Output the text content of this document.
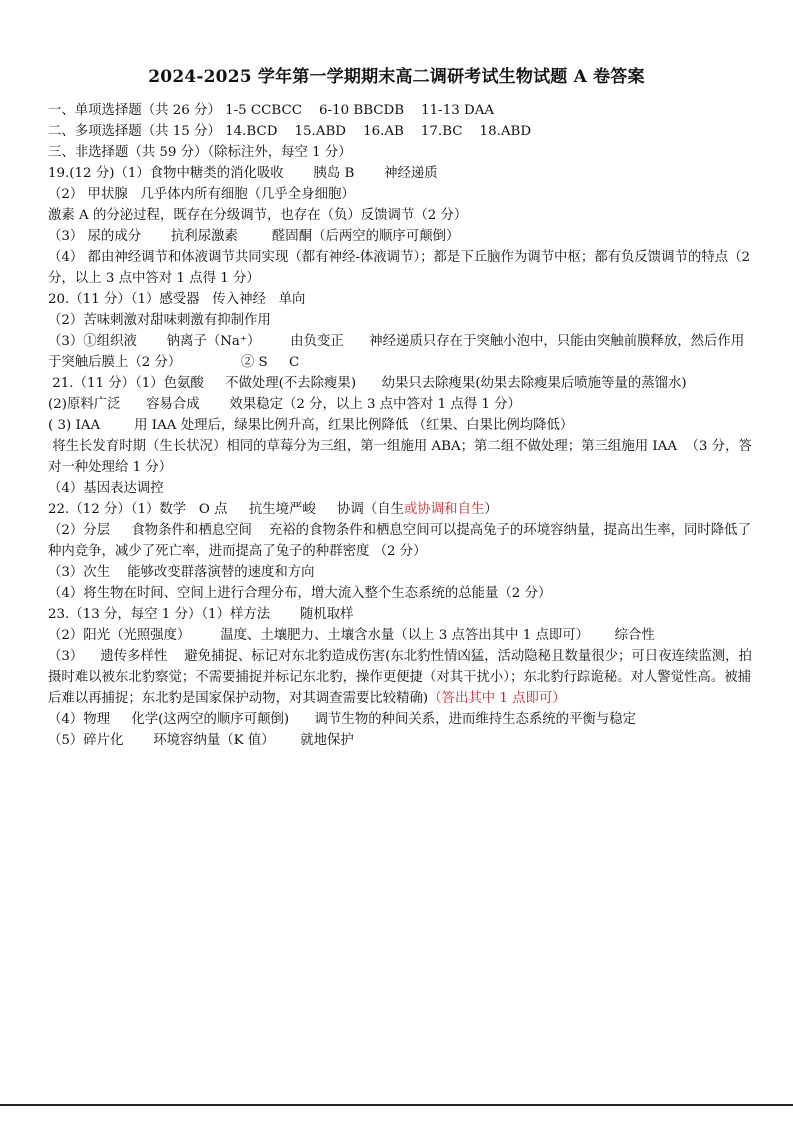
2024-2025 学年第一学期期末高二调研考试生物试题 A 卷答案
一、单项选择题（共 26 分） 1-5 CCBCC    6-10 BBCDB    11-13 DAA
二、多项选择题（共 15 分） 14.BCD    15.ABD    16.AB    17.BC    18.ABD
三、非选择题（共 59 分）（除标注外，每空 1 分）
19.(12 分)（1）食物中糖类的消化吸收       胰岛 B       神经递质
（2） 甲状腺   几乎体内所有细胞（几乎全身细胞）
激素 A 的分泌过程，既存在分级调节，也存在（负）反馈调节（2 分）
（3） 尿的成分       抗利尿激素        醛固酮（后两空的顺序可颠倒）
（4） 都由神经调节和体液调节共同实现（都有神经-体液调节）；都是下丘脑作为调节中枢；都有负反馈调节的特点（2 分，以上 3 点中答对 1 点得 1 分）
20.（11 分）（1）感受器   传入神经   单向
（2）苦味刺激对甜味刺激有抑制作用
（3）①组织液       钠离子（Na⁺）       由负变正      神经递质只存在于突触小泡中，只能由突触前膜释放，然后作用于突触后膜上（2 分）              ② S     C
21.（11 分）（1）色氨酸     不做处理(不去除瘦果)      幼果只去除瘦果(幼果去除瘦果后喷施等量的蒸馏水)
(2)原料广泛      容易合成       效果稳定（2 分，以上 3 点中答对 1 点得 1 分）
( 3) IAA        用 IAA 处理后，绿果比例升高，红果比例降低 （红果、白果比例均降低）
将生长发育时期（生长状况）相同的草莓分为三组，第一组施用 ABA；第二组不做处理；第三组施用 IAA  （3 分，答对一种处理给 1 分）
（4）基因表达调控
22.（12 分）（1）数学   O 点     抗生境严峻     协调（自生或协调和自生）
（2）分层     食物条件和栖息空间    充裕的食物条件和栖息空间可以提高兔子的环境容纳量，提高出生率，同时降低了种内竞争，减少了死亡率，进而提高了兔子的种群密度 （2 分）
（3）次生    能够改变群落演替的速度和方向
（4）将生物在时间、空间上进行合理分布，增大流入整个生态系统的总能量（2 分）
23.（13 分，每空 1 分）（1）样方法       随机取样
（2）阳光（光照强度）       温度、土壤肥力、土壤含水量（以上 3 点答出其中 1 点即可）      综合性
（3）    遗传多样性    避免捕捉、标记对东北豹造成伤害(东北豹性情凶猛，活动隐秘且数量很少；可日夜连续监测，拍摄时难以被东北豹察觉；不需要捕捉并标记东北豹，操作更便捷（对其干扰小）；东北豹行踪诡秘。对人警觉性高。被捕后难以再捕捉；东北豹是国家保护动物，对其调查需要比较精确)（答出其中 1 点即可）
（4）物理     化学(这两空的顺序可颠倒)      调节生物的种间关系，进而维持生态系统的平衡与稳定
（5）碎片化       环境容纳量（K 值）      就地保护
